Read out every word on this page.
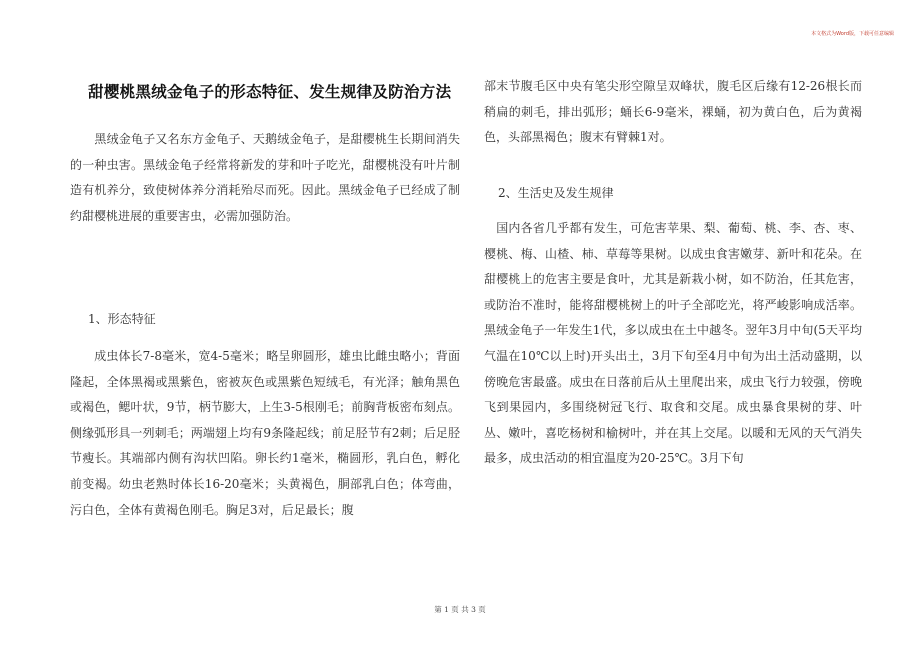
本文格式为Word版，下载可任意编辑
甜樱桃黑绒金龟子的形态特征、发生规律及防治方法

　　黑绒金龟子又名东方金龟子、天鹅绒金龟子，是甜樱桃生长期间消失的一种虫害。黑绒金龟子经常将新发的芽和叶子吃光，甜樱桃没有叶片制造有机养分，致使树体养分消耗殆尽而死。因此。黑绒金龟子已经成了制约甜樱桃进展的重要害虫，必需加强防治。

1、形态特征

　　成虫体长7-8毫米，宽4-5毫米；略呈卵圆形，雄虫比雌虫略小；背面隆起，全体黑褐或黑紫色，密被灰色或黑紫色短绒毛，有光泽；触角黑色或褐色，鳃叶状，9节，柄节膨大，上生3-5根刚毛；前胸背板密布刻点。侧缘弧形具一列刺毛；两端翅上均有9条隆起线；前足胫节有2刺；后足胫节瘦长。其端部内侧有沟状凹陷。卵长约1毫米，椭圆形，乳白色，孵化前变褐。幼虫老熟时体长16-20毫米；头黄褐色，胴部乳白色；体弯曲，污白色，全体有黄褐色刚毛。胸足3对，后足最长；腹

部末节腹毛区中央有笔尖形空隙呈双峰状，腹毛区后缘有12-26根长而稍扁的刺毛，排出弧形；蛹长6-9毫米，裸蛹，初为黄白色，后为黄褐色，头部黑褐色；腹末有臂棘1对。

2、生活史及发生规律

　国内各省几乎都有发生，可危害苹果、梨、葡萄、桃、李、杏、枣、樱桃、梅、山楂、柿、草莓等果树。以成虫食害嫩芽、新叶和花朵。在甜樱桃上的危害主要是食叶，尤其是新栽小树，如不防治，任其危害，或防治不准时，能将甜樱桃树上的叶子全部吃光，将严峻影响成活率。黑绒金龟子一年发生1代，多以成虫在土中越冬。翌年3月中旬(5天平均气温在10℃以上时)开头出土，3月下旬至4月中旬为出土活动盛期，以傍晚危害最盛。成虫在日落前后从土里爬出来，成虫飞行力较强，傍晚飞到果园内，多围绕树冠飞行、取食和交尾。成虫暴食果树的芽、叶丛、嫩叶，喜吃杨树和榆树叶，并在其上交尾。以暖和无风的天气消失最多，成虫活动的相宜温度为20-25℃。3月下旬

第 1 页 共 3 页
